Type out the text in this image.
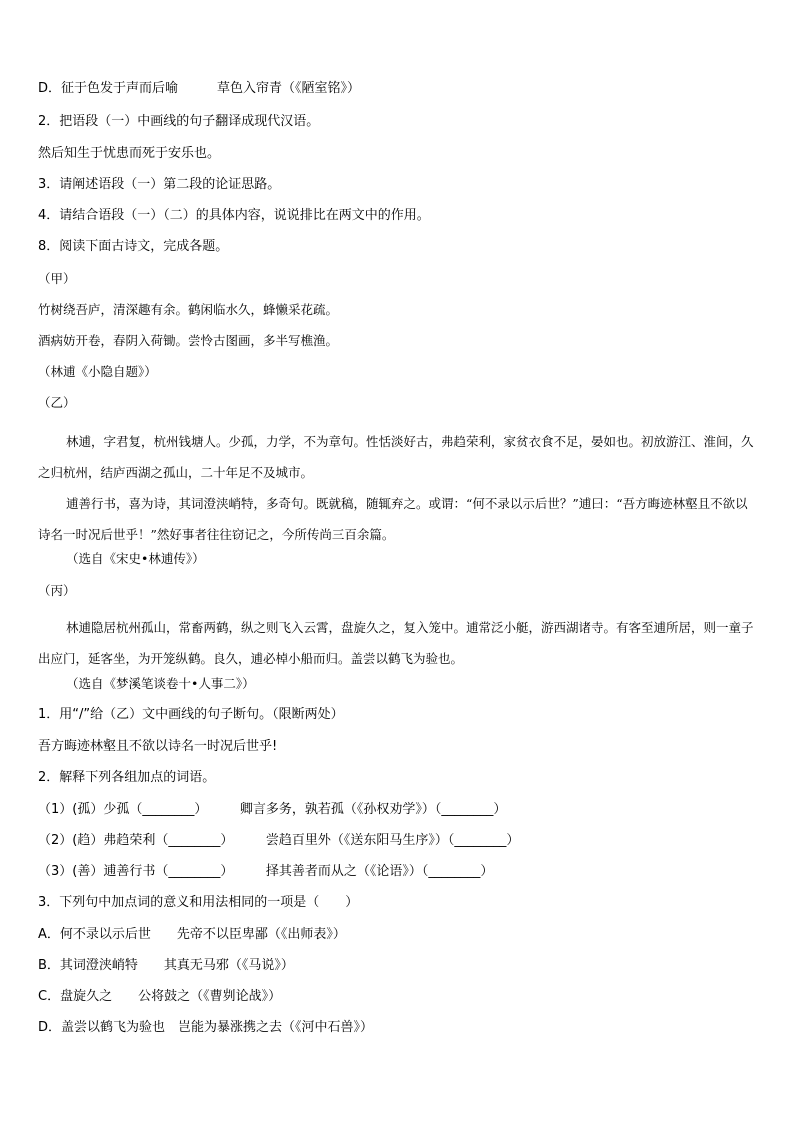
D．征于色发于声而后喻　　　草色入帘青（《陋室铭》）
2．把语段（一）中画线的句子翻译成现代汉语。
然后知生于忧患而死于安乐也。
3．请阐述语段（一）第二段的论证思路。
4．请结合语段（一）（二）的具体内容，说说排比在两文中的作用。
8．阅读下面古诗文，完成各题。
（甲）
竹树绕吾庐，清深趣有余。鹤闲临水久，蜂懒采花疏。
酒病妨开卷，春阴入荷锄。尝怜古图画，多半写樵渔。
（林逋《小隐自题》）
（乙）
林逋，字君复，杭州钱塘人。少孤，力学，不为章句。性恬淡好古，弗趋荣利，家贫衣食不足，晏如也。初放游江、淮间，久之归杭州，结庐西湖之孤山，二十年足不及城市。
逋善行书，喜为诗，其词澄浃峭特，多奇句。既就稿，随辄弃之。或谓：“何不录以示后世？”逋曰：“吾方晦迹林壑且不欲以诗名一时况后世乎！”然好事者往往窃记之，今所传尚三百余篇。
（选自《宋史•林逋传》）
（丙）
林逋隐居杭州孤山，常畜两鹤，纵之则飞入云霄，盘旋久之，复入笼中。逋常泛小艇，游西湖诸寺。有客至逋所居，则一童子出应门，延客坐，为开笼纵鹤。良久，逋必棹小船而归。盖尝以鹤飞为验也。
（选自《梦溪笔谈卷十•人事二》）
1．用“/”给（乙）文中画线的句子断句。（限断两处）
吾方晦迹林壑且不欲以诗名一时况后世乎!
2．解释下列各组加点的词语。
（1）(孤）少孤（________）　　　卿言多务，孰若孤（《孙权劝学》）（________）
（2）(趋）弗趋荣利（________）　　　尝趋百里外（《送东阳马生序》）（________）
（3）(善）逋善行书（________）　　　择其善者而从之（《论语》）（________）
3．下列句中加点词的意义和用法相同的一项是（　　）
A．何不录以示后世　　先帝不以臣卑鄙（《出师表》）
B．其词澄浃峭特　　其真无马邪（《马说》）
C．盘旋久之　　公将鼓之（《曹刿论战》）
D．盖尝以鹤飞为验也　岂能为暴涨携之去（《河中石兽》）
